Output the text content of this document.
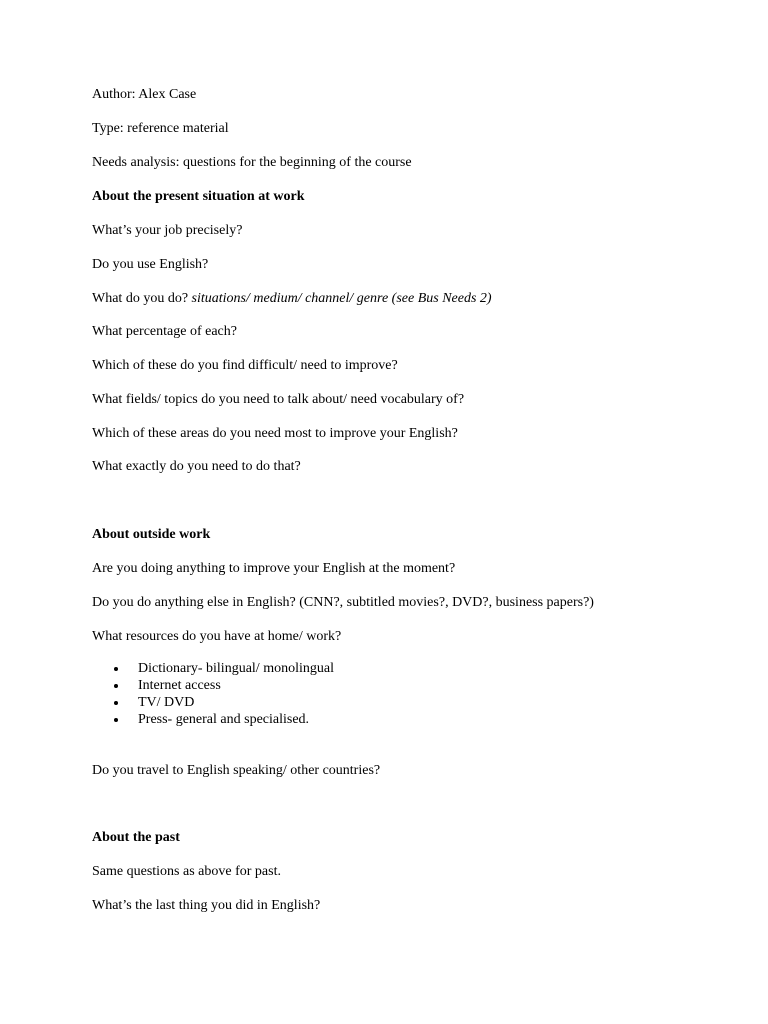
Author: Alex Case

Type: reference material

Needs analysis: questions for the beginning of the course

About the present situation at work

What’s your job precisely?

Do you use English?

What do you do? situations/ medium/ channel/ genre (see Bus Needs 2)

What percentage of each?

Which of these do you find difficult/ need to improve?

What fields/ topics do you need to talk about/ need vocabulary of?

Which of these areas do you need most to improve your English?

What exactly do you need to do that?

About outside work

Are you doing anything to improve your English at the moment?

Do you do anything else in English? (CNN?, subtitled movies?, DVD?, business papers?)

What resources do you have at home/ work?

Dictionary- bilingual/ monolingual
Internet access
TV/ DVD
Press- general and specialised.

Do you travel to English speaking/ other countries?

About the past

Same questions as above for past.

What’s the last thing you did in English?
